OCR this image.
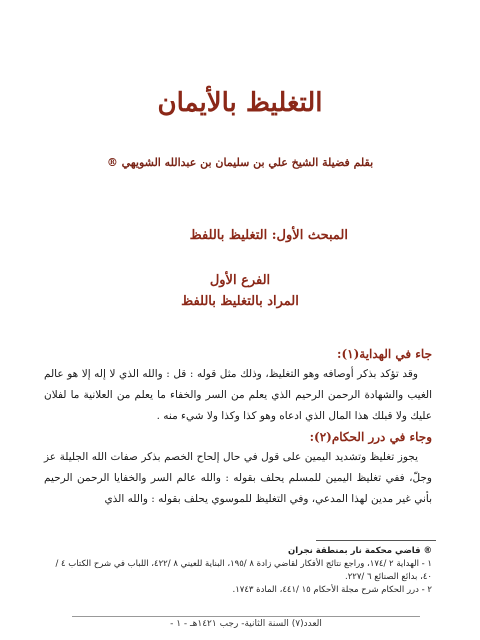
التغليظ بالأيمان
بقلم فضيلة الشيخ علي بن سليمان بن عبدالله الشويهي ®
المبحث الأول: التغليظ باللفظ
الفرع الأول
المراد بالتغليظ باللفظ

جاء في الهداية(١):

وقد تؤكد بذكر أوصافه وهو التغليظ، وذلك مثل قوله : قل : والله الذي لا إله إلا هو عالم الغيب والشهادة الرحمن الرحيم الذي يعلم من السر والخفاء ما يعلم من العلانية ما لفلان عليك ولا قبلك هذا المال الذي ادعاه وهو كذا وكذا ولا شيء منه .

وجاء في درر الحكام(٢):

يجوز تغليظ وتشديد اليمين على قول في حال إلحاح الخصم بذكر صفات الله الجليلة عز وجلّ، ففي تغليظ اليمين للمسلم يحلف بقوله : والله عالم السر والخفايا الرحمن الرحيم بأني غير مدين لهذا المدعي، وفي التغليظ للموسوي يحلف بقوله : والله الذي

® قاضي محكمة نار بمنطقة نجران
١ - الهداية ٢ /١٧٤، وراجع نتائج الأفكار لقاضي زادة ٨ /١٩٥، البناية للعيني ٨ /٤٢٢، اللباب في شرح الكتاب ٤ /٤٠، بدائع الصنائع ٦ /٢٢٧.
٢ - درر الحكام شرح مجلة الأحكام ١٥ /٤٤١، المادة ١٧٤٣.
العدد(٧) السنة الثانية- رجب ١٤٢١هـ - ١ -
